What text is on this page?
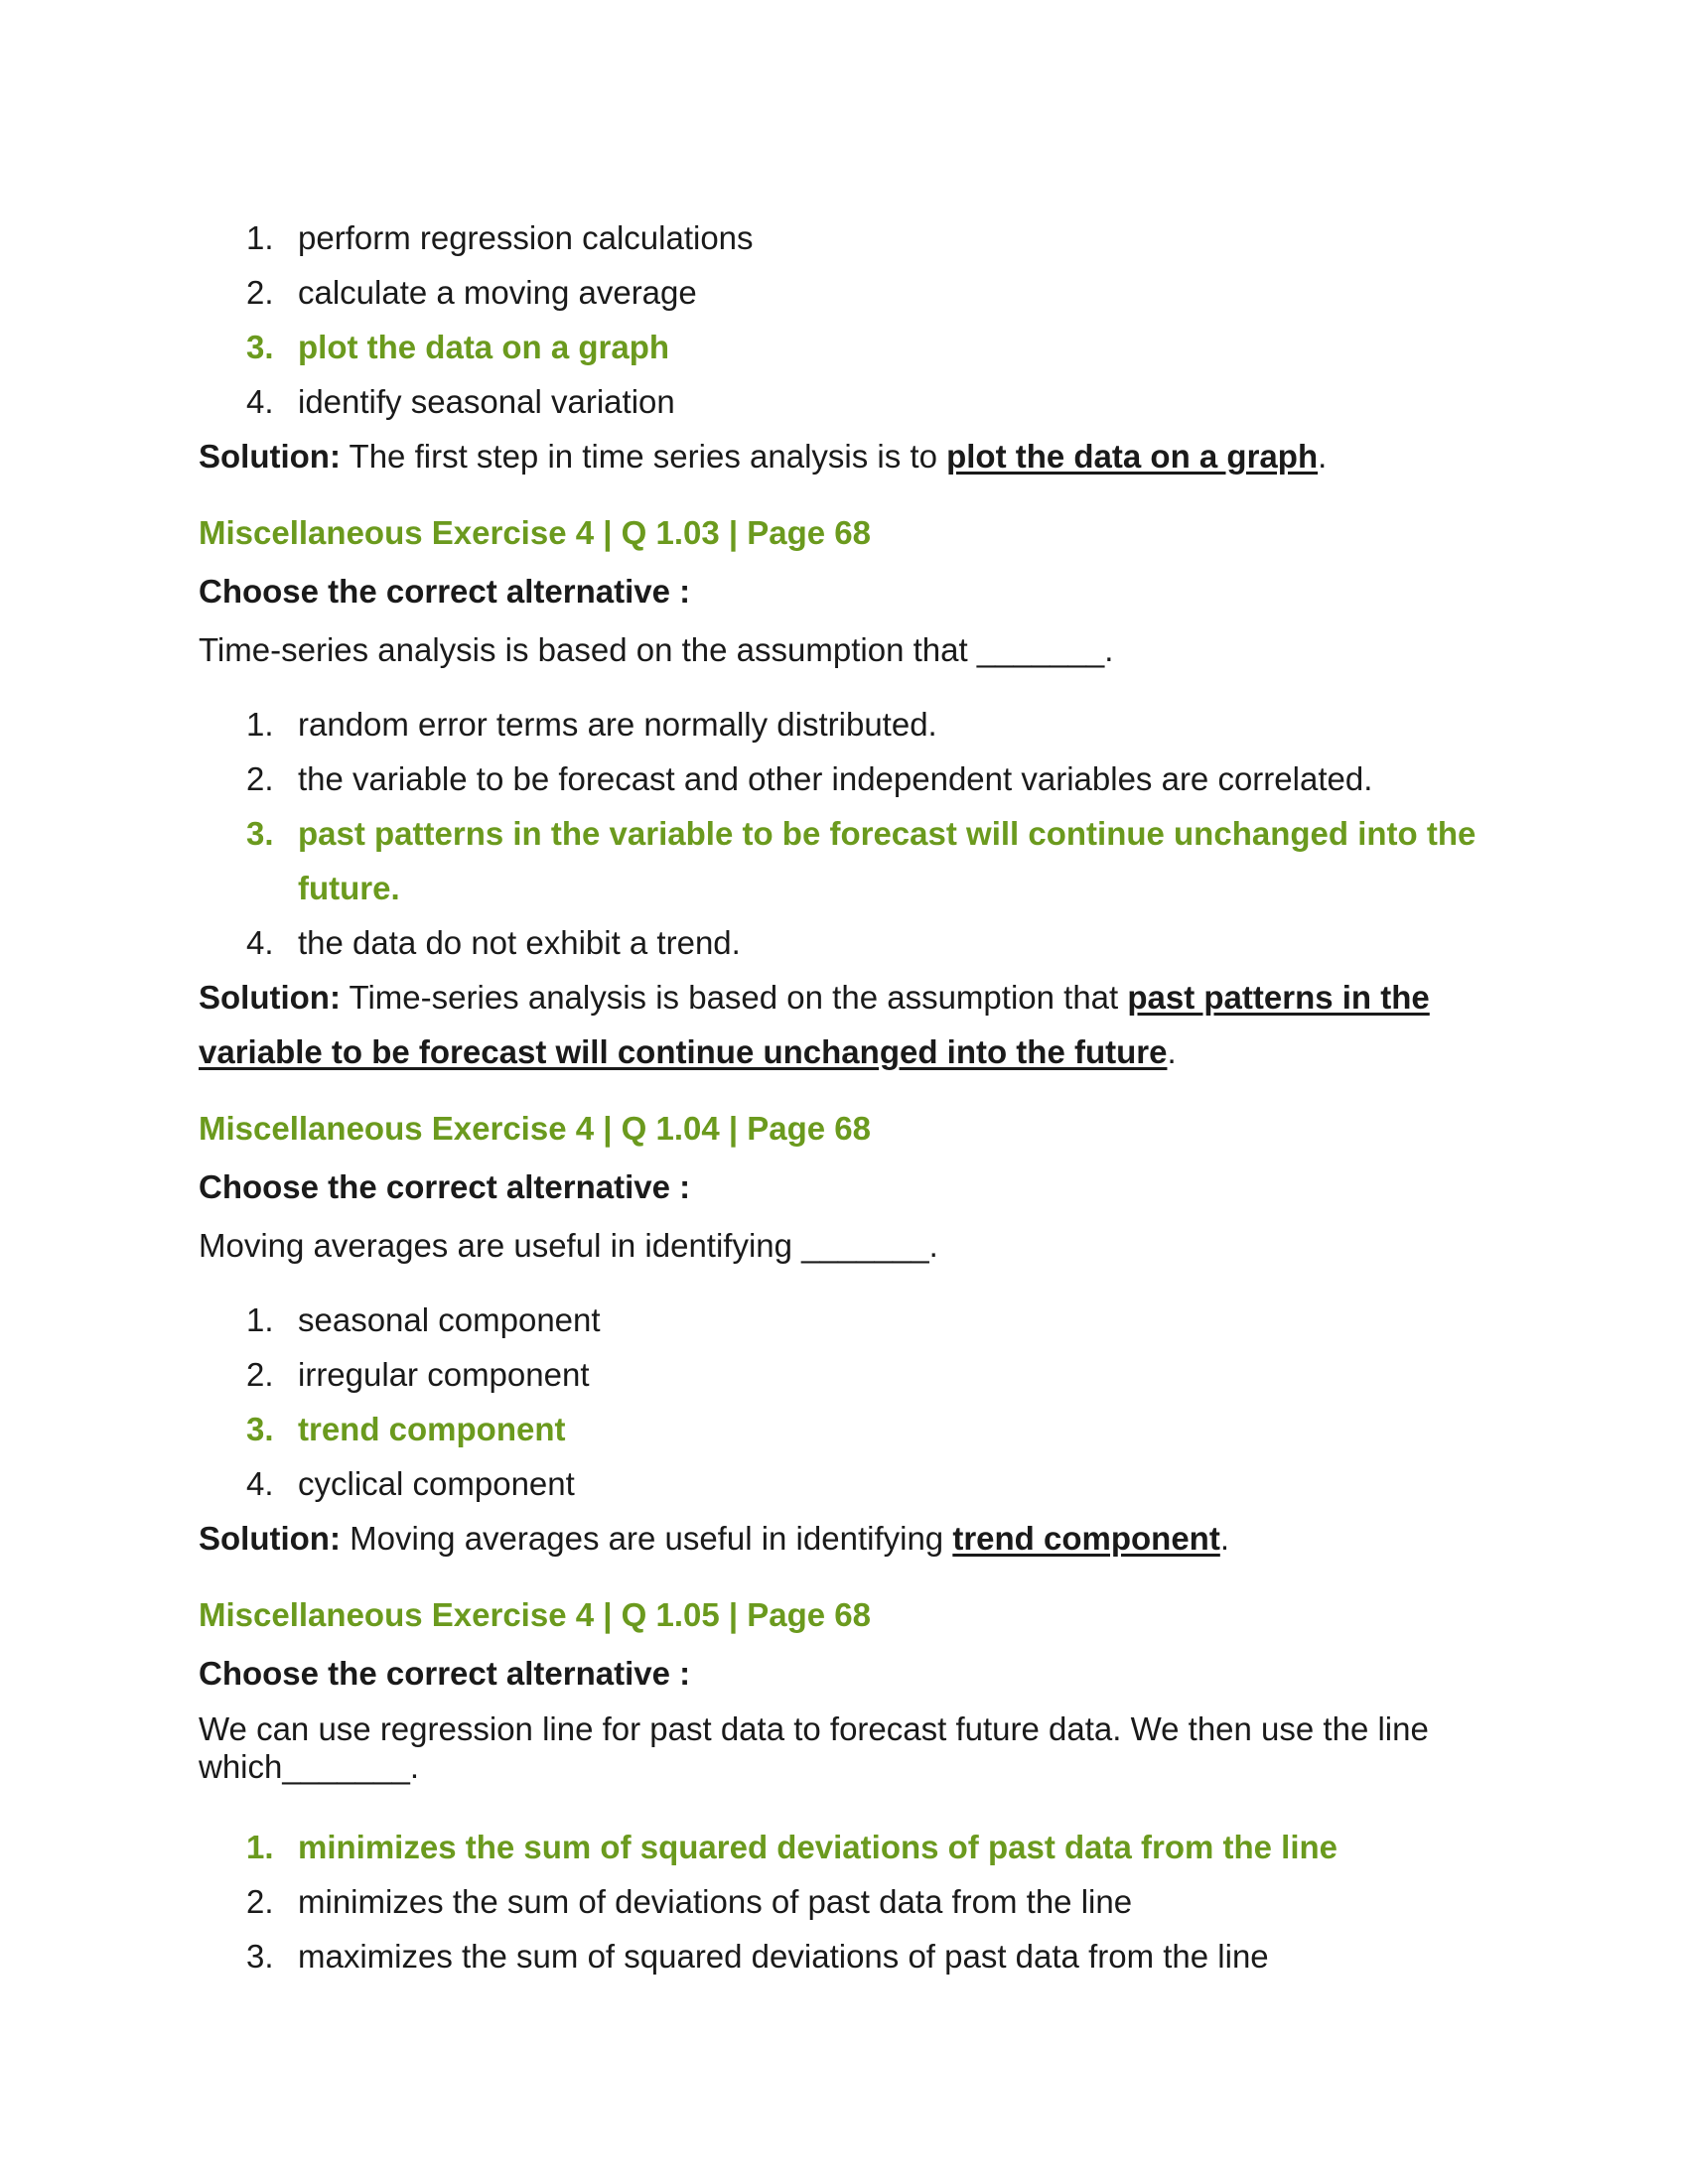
1. perform regression calculations
2. calculate a moving average
3. plot the data on a graph
4. identify seasonal variation

Solution: The first step in time series analysis is to plot the data on a graph.

Miscellaneous Exercise 4 | Q 1.03 | Page 68
Choose the correct alternative :
Time-series analysis is based on the assumption that _______.
1. random error terms are normally distributed.
2. the variable to be forecast and other independent variables are correlated.
3. past patterns in the variable to be forecast will continue unchanged into the future.
4. the data do not exhibit a trend.

Solution: Time-series analysis is based on the assumption that past patterns in the variable to be forecast will continue unchanged into the future.

Miscellaneous Exercise 4 | Q 1.04 | Page 68
Choose the correct alternative :
Moving averages are useful in identifying _______.
1. seasonal component
2. irregular component
3. trend component
4. cyclical component

Solution: Moving averages are useful in identifying trend component.

Miscellaneous Exercise 4 | Q 1.05 | Page 68
Choose the correct alternative :
We can use regression line for past data to forecast future data. We then use the line which_______.
1. minimizes the sum of squared deviations of past data from the line
2. minimizes the sum of deviations of past data from the line
3. maximizes the sum of squared deviations of past data from the line
